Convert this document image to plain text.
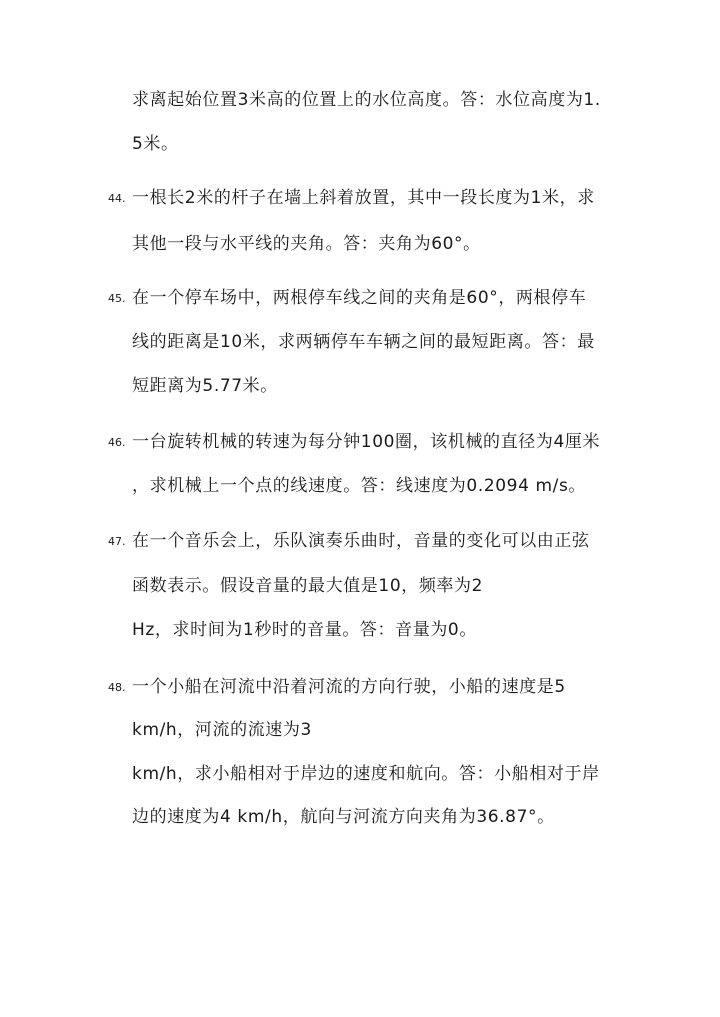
求离起始位置3米高的位置上的水位高度。答：水位高度为1.
5米。
44. 一根长2米的杆子在墙上斜着放置，其中一段长度为1米，求
其他一段与水平线的夹角。答：夹角为60°。
45. 在一个停车场中，两根停车线之间的夹角是60°，两根停车
线的距离是10米，求两辆停车车辆之间的最短距离。答：最
短距离为5.77米。
46. 一台旋转机械的转速为每分钟100圈，该机械的直径为4厘米
，求机械上一个点的线速度。答：线速度为0.2094 m/s。
47. 在一个音乐会上，乐队演奏乐曲时，音量的变化可以由正弦
函数表示。假设音量的最大值是10，频率为2
Hz，求时间为1秒时的音量。答：音量为0。
48. 一个小船在河流中沿着河流的方向行驶，小船的速度是5
km/h，河流的流速为3
km/h，求小船相对于岸边的速度和航向。答：小船相对于岸
边的速度为4 km/h，航向与河流方向夹角为36.87°。
